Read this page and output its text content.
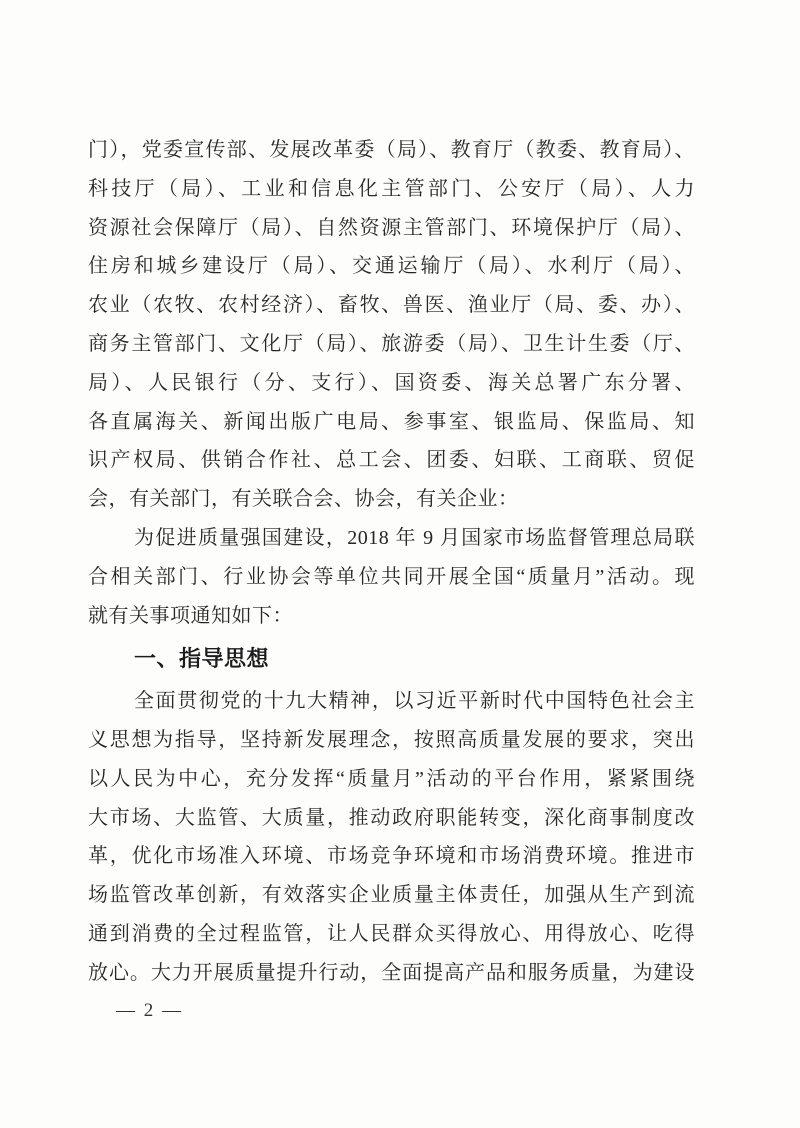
门），党委宣传部、发展改革委（局）、教育厅（教委、教育局）、
科技厅（局）、工业和信息化主管部门、公安厅（局）、人力
资源社会保障厅（局）、自然资源主管部门、环境保护厅（局）、
住房和城乡建设厅（局）、交通运输厅（局）、水利厅（局）、
农业（农牧、农村经济）、畜牧、兽医、渔业厅（局、委、办）、
商务主管部门、文化厅（局）、旅游委（局）、卫生计生委（厅、
局）、人民银行（分、支行）、国资委、海关总署广东分署、
各直属海关、新闻出版广电局、参事室、银监局、保监局、知
识产权局、供销合作社、总工会、团委、妇联、工商联、贸促
会，有关部门，有关联合会、协会，有关企业：
为促进质量强国建设，2018 年 9 月国家市场监督管理总局联
合相关部门、行业协会等单位共同开展全国“质量月”活动。现
就有关事项通知如下：
一、指导思想
全面贯彻党的十九大精神，以习近平新时代中国特色社会主
义思想为指导，坚持新发展理念，按照高质量发展的要求，突出
以人民为中心，充分发挥“质量月”活动的平台作用，紧紧围绕
大市场、大监管、大质量，推动政府职能转变，深化商事制度改
革，优化市场准入环境、市场竞争环境和市场消费环境。推进市
场监管改革创新，有效落实企业质量主体责任，加强从生产到流
通到消费的全过程监管，让人民群众买得放心、用得放心、吃得
放心。大力开展质量提升行动，全面提高产品和服务质量，为建设
— 2 —
